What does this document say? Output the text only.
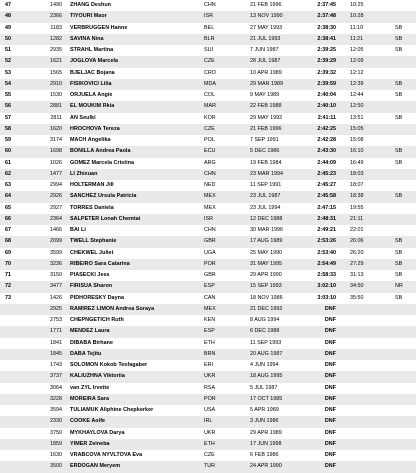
47	1490 ZHANG Deshun	CHN	21 FEB 1996	2:37:45	10:25
48	2366 TIYOURI Maor	ISR	13 NOV 1990	2:37:48	10:28
49	1183 VERBRUGGEN Hanne	BEL	27 MAY 1993	2:38:30	11:10	SB
50	1282 SAVINA Nina	BLR	21 JUL 1993	2:38:41	11:21	SB
51	2935 STRAHL Martina	SUI	7 JUN 1987	2:39:25	12:05	SB
52	1621 JOGLOVA Marcela	CZE	28 JUL 1987	2:39:29	12:09
53	1565 BJELJAC Bojana	CRO	10 APR 1989	2:39:32	12:12
54	2910 FISIKOVICI Lilia	MDA	29 MAR 1989	2:39:59	12:39	SB
55	1530 ORJUELA Angie	COL	9 MAY 1989	2:40:04	12:44	SB
56	2881 EL MOUKIM Rkia	MAR	22 FEB 1988	2:40:10	12:50
57	2811 AN Seulki	KOR	29 MAY 1992	2:41:11	13:51	SB
58	1620 HROCHOVA Tereza	CZE	21 FEB 1996	2:42:25	15:05
59	3174 MACH Angelika	POL	7 SEP 1991	2:42:28	15:08
60	1698 BONILLA Andrea Paola	ECU	5 DEC 1986	2:43:30	16:10	SB
61	1026 GOMEZ Marcela Cristina	ARG	19 FEB 1984	2:44:09	16:49	SB
62	1477 LI Zhixuan	CHN	23 MAR 1994	2:45:23	18:03
63	2994 HOLTERMAN Jill	NED	11 SEP 1991	2:45:27	18:07
64	2926 SANCHEZ Ursula Patricia	MEX	23 JUL 1987	2:45:58	18:38	SB
65	2927 TORRES Daniela	MEX	23 JUL 1994	2:47:15	19:55
66	2364 SALPETER Lonah Chemtai	ISR	12 DEC 1988	2:48:31	21:11
67	1466 BAI Li	CHN	30 MAR 1996	2:49:21	22:01
68	2099 TWELL Stephanie	GBR	17 AUG 1989	2:53:26	26:06	SB
69	3599 CHEKWEL Juliet	UGA	25 MAY 1990	2:53:40	26:20	SB
70	3236 RIBEIRO Sara Catarina	POR	31 MAY 1995	2:54:49	27:29	SB
71	3150 PIASECKI Jess	GBR	29 APR 1990	2:58:33	31:13	SB
72	3477 FIRISUA Sharon	ESP	15 SEP 1993	3:02:10	34:50	NR
73	1426 PIDHORESKY Dayna	CAN	18 NOV 1986	3:03:10	35:50	SB
2925 RAMIREZ LIMON Andrea Soraya	MEX	21 DEC 1992	DNF
2753 CHEPNGETICH Ruth	KEN	8 AUG 1994	DNF
1771 MENDEZ Laura	ESP	6 DEC 1988	DNF
1841 DIBABA Birhane	ETH	11 SEP 1993	DNF
1845 DABA Tejitu	BRN	20 AUG 1987	DNF
1743 SOLOMON Kokob Tesfagaber	ERI	4 JUN 1994	DNF
3737 KALIUZHNA Viktoriia	UKR	18 AUG 1995	DNF
3064 van ZYL Irvette	RSA	5 JUL 1987	DNF
3228 MOREIRA Sara	POR	17 OCT 1985	DNF
3594 TULIAMUK Aliphine Chepkerker	USA	5 APR 1989	DNF
2330 COOKE Aoife	IRL	3 JUN 1986	DNF
3750 MYKHAYLOVA Darya	UKR	29 APR 1989	DNF
1859 YIMER Zeineba	ETH	17 JUN 1998	DNF
1630 VRABCOVA NYVLTOVA Eva	CZE	6 FEB 1986	DNF
3500 ERDOGAN Meryem	TUR	24 APR 1990	DNF
